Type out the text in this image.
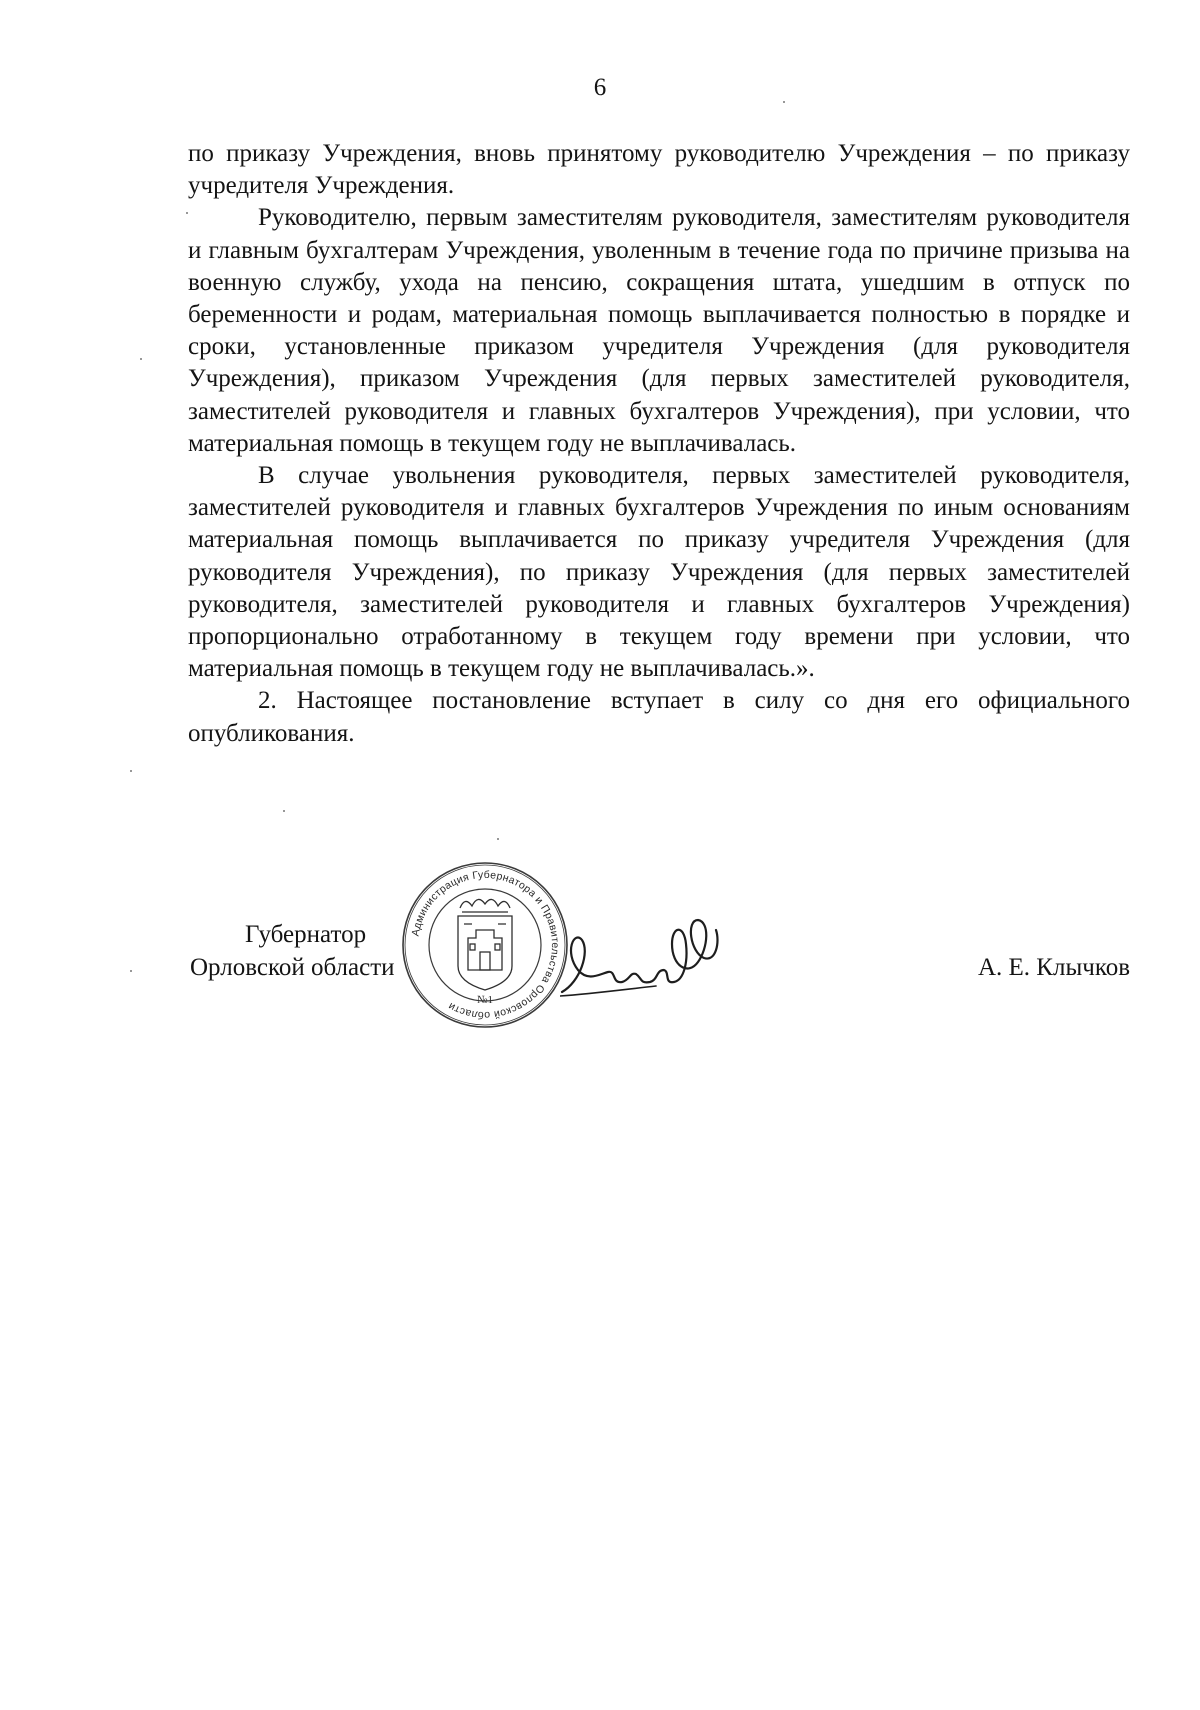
6

по приказу Учреждения, вновь принятому руководителю Учреждения – по приказу учредителя Учреждения.

Руководителю, первым заместителям руководителя, заместителям руководителя и главным бухгалтерам Учреждения, уволенным в течение года по причине призыва на военную службу, ухода на пенсию, сокращения штата, ушедшим в отпуск по беременности и родам, материальная помощь выплачивается полностью в порядке и сроки, установленные приказом учредителя Учреждения (для руководителя Учреждения), приказом Учреждения (для первых заместителей руководителя, заместителей руководителя и главных бухгалтеров Учреждения), при условии, что материальная помощь в текущем году не выплачивалась.

В случае увольнения руководителя, первых заместителей руководителя, заместителей руководителя и главных бухгалтеров Учреждения по иным основаниям материальная помощь выплачивается по приказу учредителя Учреждения (для руководителя Учреждения), по приказу Учреждения (для первых заместителей руководителя, заместителей руководителя и главных бухгалтеров Учреждения) пропорционально отработанному в текущем году времени при условии, что материальная помощь в текущем году не выплачивалась.».

2. Настоящее постановление вступает в силу со дня его официального опубликования.

Губернатор
Орловской области
Администрация Губернатора и Правительства Орловской области	№1
А. Е. Клычков
